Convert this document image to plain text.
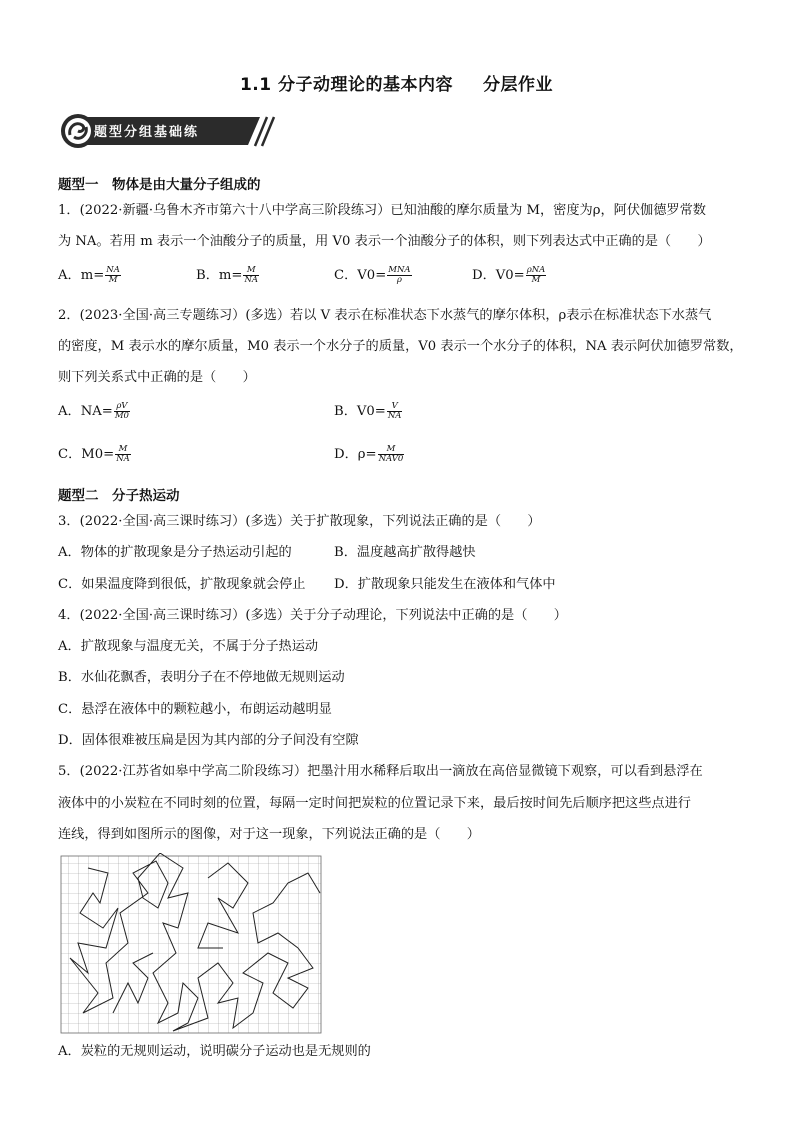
1.1 分子动理论的基本内容 分层作业
题型分组基础练
题型一　物体是由大量分子组成的
1．(2022·新疆·乌鲁木齐市第六十八中学高三阶段练习）已知油酸的摩尔质量为 M，密度为ρ，阿伏伽德罗常数
为 NA。若用 m 表示一个油酸分子的质量，用 V0 表示一个油酸分子的体积，则下列表达式中正确的是（　　）
A．$m= \frac{NA}{M}$	B．$m= \frac{M}{NA}$	C．$V0= \frac{\text{MNA}}{\rho}$	D．$V0= \frac{\text{ρNA}}{M}$
2．(2023·全国·高三专题练习）(多选）若以 V 表示在标准状态下水蒸气的摩尔体积，ρ表示在标准状态下水蒸气
的密度，M 表示水的摩尔质量，M0 表示一个水分子的质量，V0 表示一个水分子的体积，NA 表示阿伏加德罗常数，
则下列关系式中正确的是（　　）
A．$NA= \frac{\rho V}{M0}$	B．$V0= \frac{V}{NA}$
C．$M0= \frac{M}{NA}$	D．$\rho= \frac{M}{\text{NAV0}}$
题型二　分子热运动
3．(2022·全国·高三课时练习）(多选）关于扩散现象，下列说法正确的是（　　）
A．物体的扩散现象是分子热运动引起的	B．温度越高扩散得越快
C．如果温度降到很低，扩散现象就会停止 D．扩散现象只能发生在液体和气体中
4．(2022·全国·高三课时练习）(多选）关于分子动理论，下列说法中正确的是（　　）
A．扩散现象与温度无关，不属于分子热运动
B．水仙花飘香，表明分子在不停地做无规则运动
C．悬浮在液体中的颗粒越小，布朗运动越明显
D．固体很难被压扁是因为其内部的分子间没有空隙
5．(2022·江苏省如皋中学高二阶段练习）把墨汁用水稀释后取出一滴放在高倍显微镜下观察，可以看到悬浮在
液体中的小炭粒在不同时刻的位置，每隔一定时间把炭粒的位置记录下来，最后按时间先后顺序把这些点进行
连线，得到如图所示的图像，对于这一现象，下列说法正确的是（　　）
A．炭粒的无规则运动，说明碳分子运动也是无规则的
